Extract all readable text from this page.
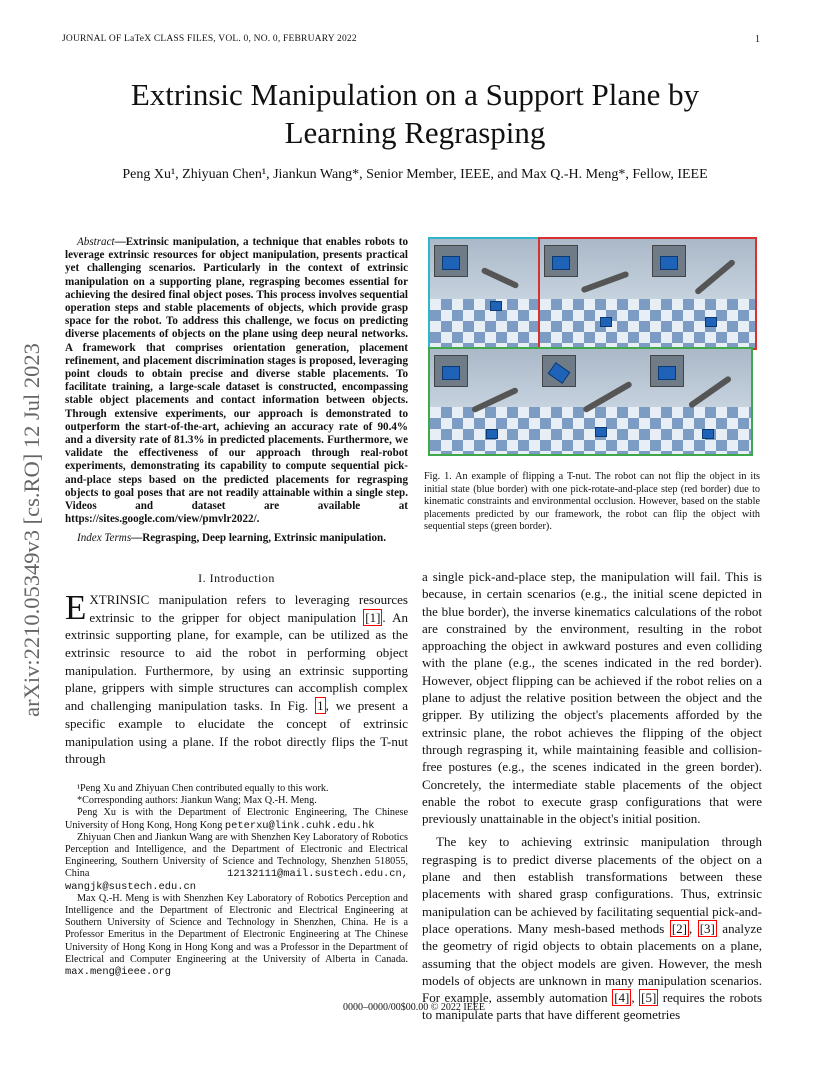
JOURNAL OF LaTeX CLASS FILES, VOL. 0, NO. 0, FEBRUARY 2022	1
Extrinsic Manipulation on a Support Plane by
Learning Regrasping
Peng Xu¹, Zhiyuan Chen¹, Jiankun Wang*, Senior Member, IEEE, and Max Q.-H. Meng*, Fellow, IEEE
arXiv:2210.05349v3 [cs.RO] 12 Jul 2023

Abstract—Extrinsic manipulation, a technique that enables robots to leverage extrinsic resources for object manipulation, presents practical yet challenging scenarios. Particularly in the context of extrinsic manipulation on a supporting plane, regrasping becomes essential for achieving the desired final object poses. This process involves sequential operation steps and stable placements of objects, which provide grasp space for the robot. To address this challenge, we focus on predicting diverse placements of objects on the plane using deep neural networks. A framework that comprises orientation generation, placement refinement, and placement discrimination stages is proposed, leveraging point clouds to obtain precise and diverse stable placements. To facilitate training, a large-scale dataset is constructed, encompassing stable object placements and contact information between objects. Through extensive experiments, our approach is demonstrated to outperform the start-of-the-art, achieving an accuracy rate of 90.4% and a diversity rate of 81.3% in predicted placements. Furthermore, we validate the effectiveness of our approach through real-robot experiments, demonstrating its capability to compute sequential pick-and-place steps based on the predicted placements for regrasping objects to goal poses that are not readily attainable within a single step. Videos and dataset are available at https://sites.google.com/view/pmvlr2022/.

Index Terms—Regrasping, Deep learning, Extrinsic manipulation.

I. Introduction

EXTRINSIC manipulation refers to leveraging resources extrinsic to the gripper for object manipulation [1] . An extrinsic supporting plane, for example, can be utilized as the extrinsic resource to aid the robot in performing object manipulation. Furthermore, by using an extrinsic supporting plane, grippers with simple structures can accomplish complex and challenging manipulation tasks. In Fig. 1 , we present a specific example to elucidate the concept of extrinsic manipulation using a plane. If the robot directly flips the T-nut through

¹Peng Xu and Zhiyuan Chen contributed equally to this work.

*Corresponding authors: Jiankun Wang; Max Q.-H. Meng.

Peng Xu is with the Department of Electronic Engineering, The Chinese University of Hong Kong, Hong Kong peterxu@link.cuhk.edu.hk

Zhiyuan Chen and Jiankun Wang are with Shenzhen Key Laboratory of Robotics Perception and Intelligence, and the Department of Electronic and Electrical Engineering, Southern University of Science and Technology, Shenzhen 518055, China 12132111@mail.sustech.edu.cn, wangjk@sustech.edu.cn

Max Q.-H. Meng is with Shenzhen Key Laboratory of Robotics Perception and Intelligence and the Department of Electronic and Electrical Engineering at Southern University of Science and Technology in Shenzhen, China. He is a Professor Emeritus in the Department of Electronic Engineering at The Chinese University of Hong Kong in Hong Kong and was a Professor in the Department of Electrical and Computer Engineering at the University of Alberta in Canada. max.meng@ieee.org

Fig. 1. An example of flipping a T-nut. The robot can not flip the object in its initial state (blue border) with one pick-rotate-and-place step (red border) due to kinematic constraints and environmental occlusion. However, based on the stable placements predicted by our framework, the robot can flip the object with sequential steps (green border).

a single pick-and-place step, the manipulation will fail. This is because, in certain scenarios (e.g., the initial scene depicted in the blue border), the inverse kinematics calculations of the robot are constrained by the environment, resulting in the robot approaching the object in awkward postures and even colliding with the plane (e.g., the scenes indicated in the red border). However, object flipping can be achieved if the robot relies on a plane to adjust the relative position between the object and the gripper. By utilizing the object's placements afforded by the extrinsic plane, the robot achieves the flipping of the object through regrasping it, while maintaining feasible and collision-free postures (e.g., the scenes indicated in the green border). Concretely, the intermediate stable placements of the object enable the robot to execute grasp configurations that were previously unattainable in the object's initial position.

The key to achieving extrinsic manipulation through regrasping is to predict diverse placements of the object on a plane and then establish transformations between these placements with shared grasp configurations. Thus, extrinsic manipulation can be achieved by facilitating sequential pick-and-place operations. Many mesh-based methods [2] , [3] analyze the geometry of rigid objects to obtain placements on a plane, assuming that the object models are given. However, the mesh models of objects are unknown in many manipulation scenarios. For example, assembly automation [4] , [5] requires the robots to manipulate parts that have different geometries

0000–0000/00$00.00 © 2022 IEEE
